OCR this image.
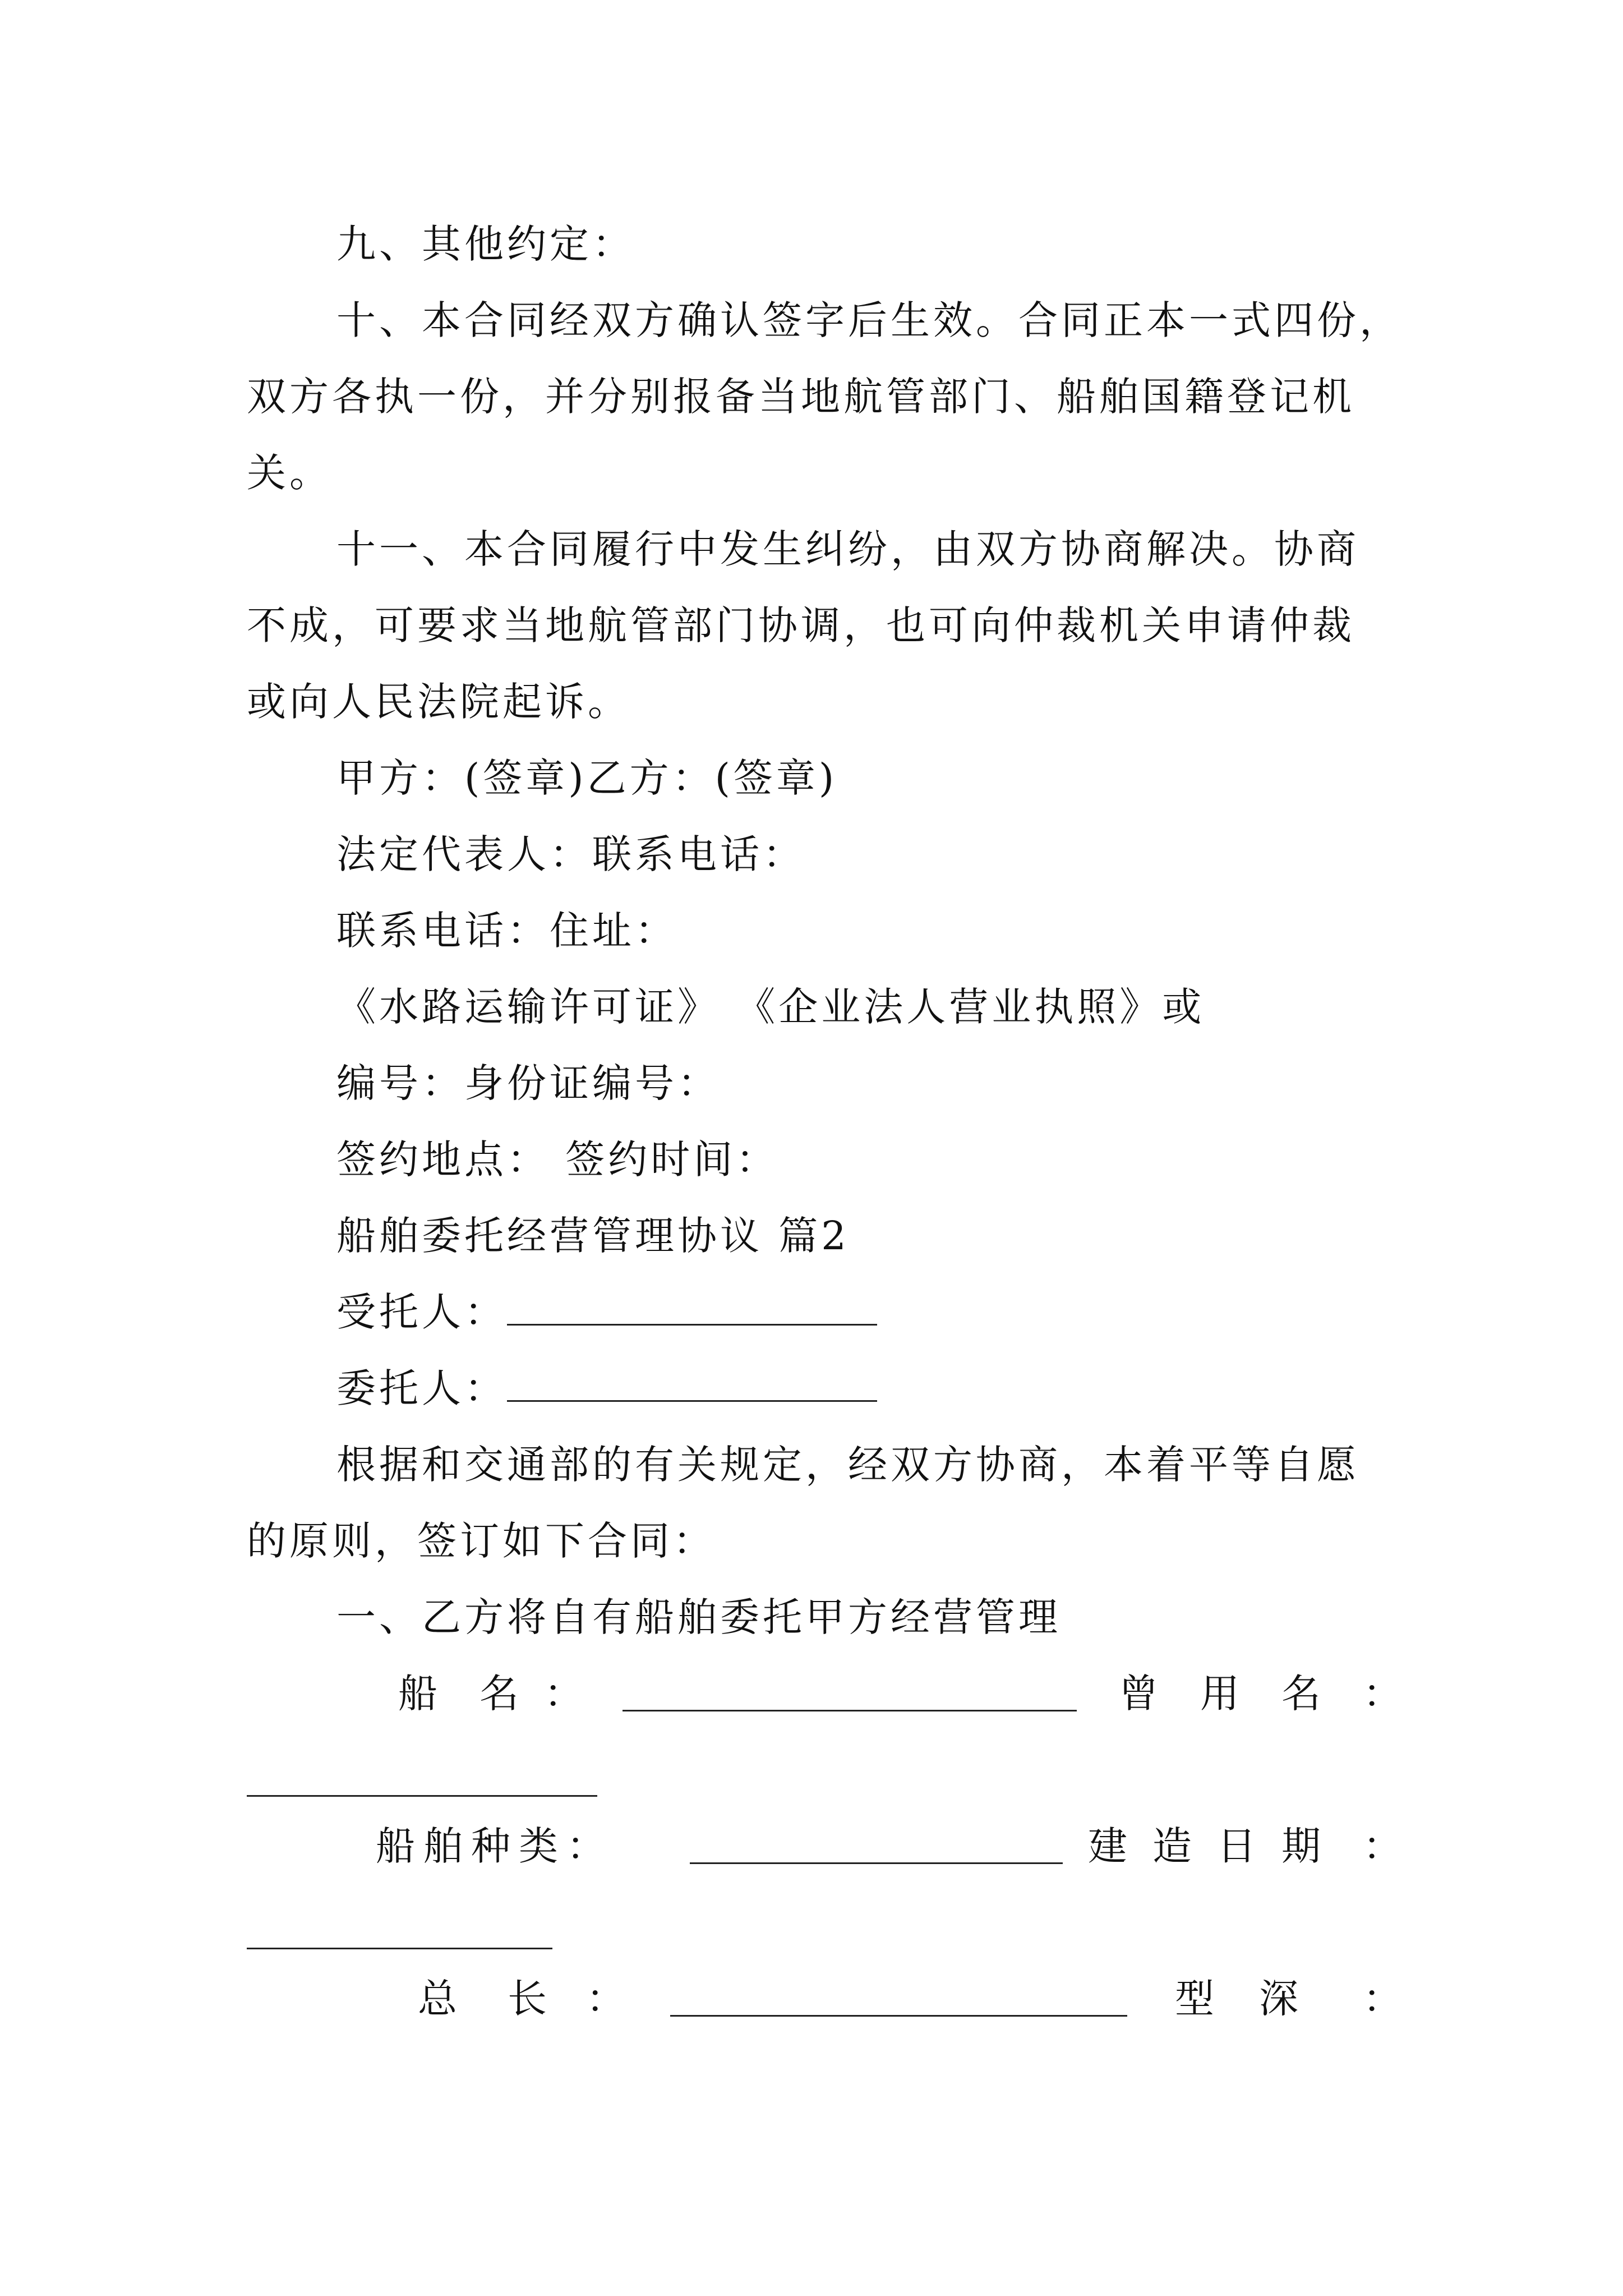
九、其他约定：
十、本合同经双方确认签字后生效。合同正本一式四份，
双方各执一份，并分别报备当地航管部门、船舶国籍登记机
关。
十一、本合同履行中发生纠纷，由双方协商解决。协商
不成，可要求当地航管部门协调，也可向仲裁机关申请仲裁
或向人民法院起诉。
甲方：(签章)乙方：(签章)
法定代表人：联系电话：
联系电话：住址：
《水路运输许可证》 《企业法人营业执照》或
编号：身份证编号：
签约地点： 签约时间：
船舶委托经营管理协议 篇2
受托人：
委托人：
根据和交通部的有关规定，经双方协商，本着平等自愿
的原则，签订如下合同：
一、乙方将自有船舶委托甲方经营管理
船 名 ：	曾 用 名 ：
船 舶 种 类 ：	建 造 日 期 ：
总 长 ：	型 深 ：
